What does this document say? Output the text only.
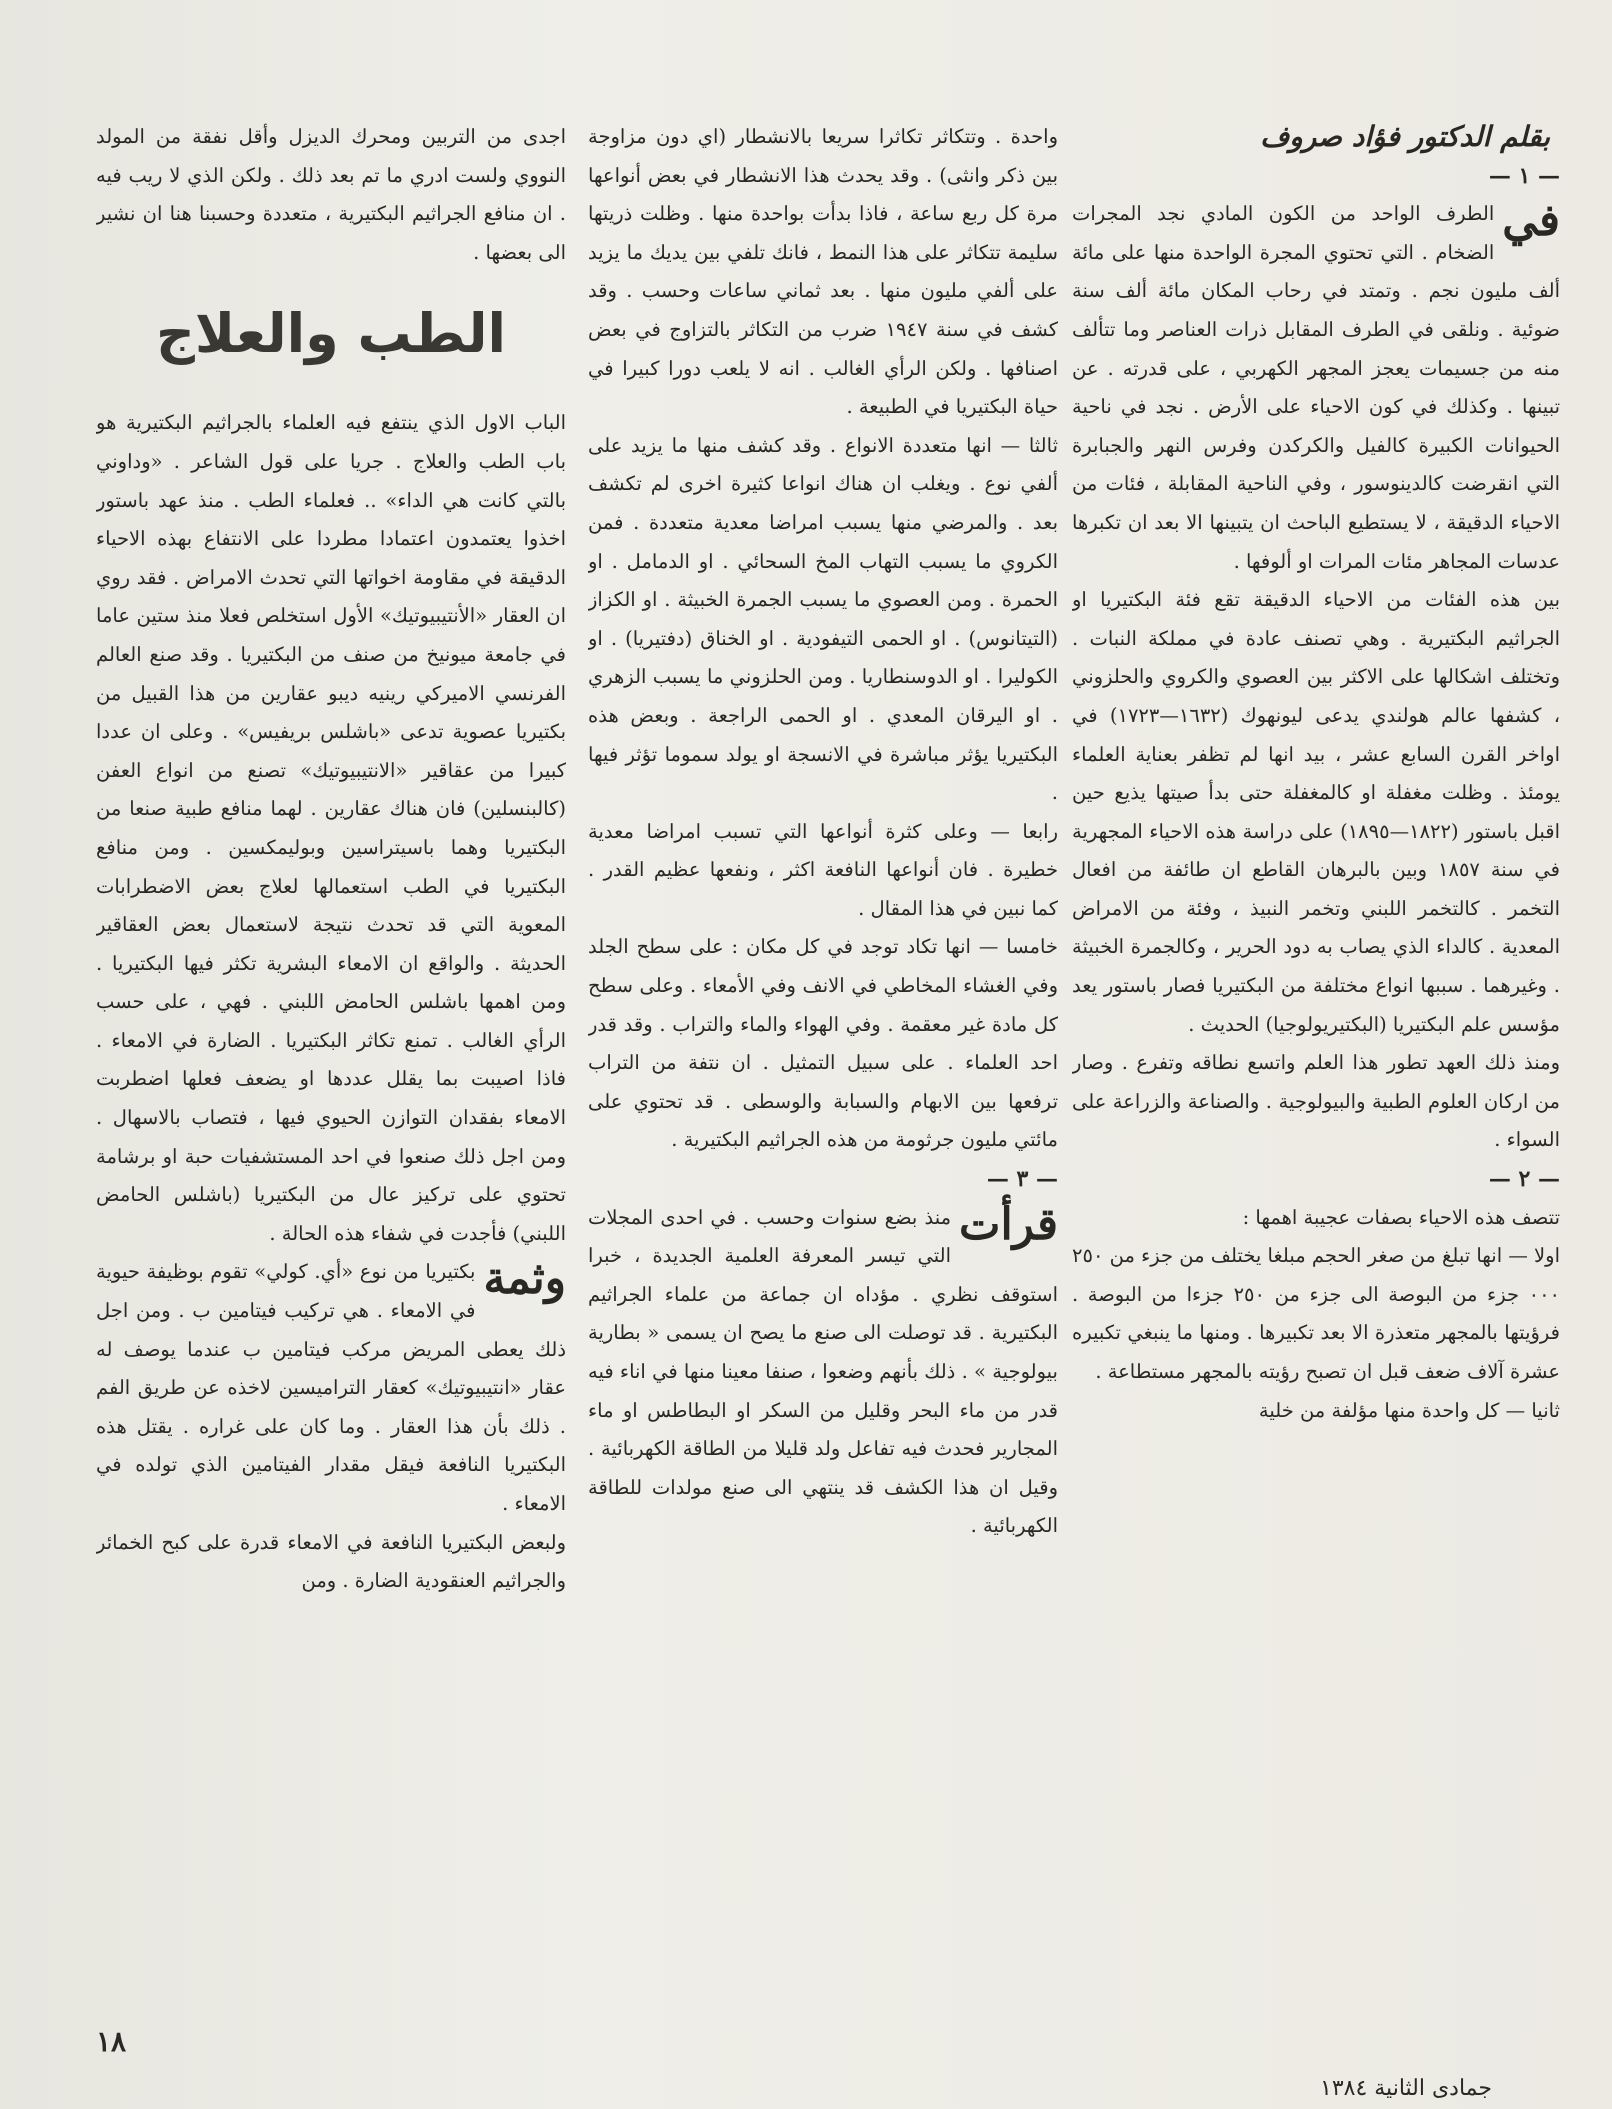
بقلم الدكتور فؤاد صروف

— ١ —

في
الطرف الواحد من الكون المادي نجد المجرات الضخام . التي تحتوي المجرة الواحدة منها على مائة ألف مليون نجم . وتمتد في رحاب المكان مائة ألف سنة ضوئية . ونلقى في الطرف المقابل ذرات العناصر وما تتألف منه من جسيمات يعجز المجهر الكهربي ، على قدرته . عن تبينها . وكذلك في كون الاحياء على الأرض . نجد في ناحية الحيوانات الكبيرة كالفيل والكركدن وفرس النهر والجبابرة التي انقرضت كالدينوسور ، وفي الناحية المقابلة ، فئات من الاحياء الدقيقة ، لا يستطيع الباحث ان يتبينها الا بعد ان تكبرها عدسات المجاهر مئات المرات او ألوفها .

بين هذه الفئات من الاحياء الدقيقة تقع فئة البكتيريا او الجراثيم البكتيرية . وهي تصنف عادة في مملكة النبات . وتختلف اشكالها على الاكثر بين العصوي والكروي والحلزوني ، كشفها عالم هولندي يدعى ليونهوك (١٦٣٢—١٧٢٣) في اواخر القرن السابع عشر ، بيد انها لم تظفر بعناية العلماء يومئذ . وظلت مغفلة او كالمغفلة حتى بدأ صيتها يذيع حين اقبل باستور (١٨٢٢—١٨٩٥) على دراسة هذه الاحياء المجهرية في سنة ١٨٥٧ وبين بالبرهان القاطع ان طائفة من افعال التخمر . كالتخمر اللبني وتخمر النبيذ ، وفئة من الامراض المعدية . كالداء الذي يصاب به دود الحرير ، وكالجمرة الخبيثة . وغيرهما . سببها انواع مختلفة من البكتيريا فصار باستور يعد مؤسس علم البكتيريا (البكتيريولوجيا) الحديث .

ومنذ ذلك العهد تطور هذا العلم واتسع نطاقه وتفرع . وصار من اركان العلوم الطبية والبيولوجية . والصناعة والزراعة على السواء .

— ٢ —

تتصف هذه الاحياء بصفات عجيبة اهمها :

اولا — انها تبلغ من صغر الحجم مبلغا يختلف من جزء من ٢٥٠ ٠٠٠ جزء من البوصة الى جزء من ٢٥٠ جزءا من البوصة . فرؤيتها بالمجهر متعذرة الا بعد تكبيرها . ومنها ما ينبغي تكبيره عشرة آلاف ضعف قبل ان تصبح رؤيته بالمجهر مستطاعة .

ثانيا — كل واحدة منها مؤلفة من خلية

واحدة . وتتكاثر تكاثرا سريعا بالانشطار (اي دون مزاوجة بين ذكر وانثى) . وقد يحدث هذا الانشطار في بعض أنواعها مرة كل ربع ساعة ، فاذا بدأت بواحدة منها . وظلت ذريتها سليمة تتكاثر على هذا النمط ، فانك تلفي بين يديك ما يزيد على ألفي مليون منها . بعد ثماني ساعات وحسب . وقد كشف في سنة ١٩٤٧ ضرب من التكاثر بالتزاوج في بعض اصنافها . ولكن الرأي الغالب . انه لا يلعب دورا كبيرا في حياة البكتيريا في الطبيعة .

ثالثا — انها متعددة الانواع . وقد كشف منها ما يزيد على ألفي نوع . ويغلب ان هناك انواعا كثيرة اخرى لم تكشف بعد . والمرضي منها يسبب امراضا معدية متعددة . فمن الكروي ما يسبب التهاب المخ السحائي . او الدمامل . او الحمرة . ومن العصوي ما يسبب الجمرة الخبيثة . او الكزاز (التيتانوس) . او الحمى التيفودية . او الخناق (دفتيريا) . او الكوليرا . او الدوسنطاريا . ومن الحلزوني ما يسبب الزهري . او اليرقان المعدي . او الحمى الراجعة . وبعض هذه البكتيريا يؤثر مباشرة في الانسجة او يولد سموما تؤثر فيها .

رابعا — وعلى كثرة أنواعها التي تسبب امراضا معدية خطيرة . فان أنواعها النافعة اكثر ، ونفعها عظيم القدر . كما نبين في هذا المقال .

خامسا — انها تكاد توجد في كل مكان : على سطح الجلد وفي الغشاء المخاطي في الانف وفي الأمعاء . وعلى سطح كل مادة غير معقمة . وفي الهواء والماء والتراب . وقد قدر احد العلماء . على سبيل التمثيل . ان نتفة من التراب ترفعها بين الابهام والسبابة والوسطى . قد تحتوي على مائتي مليون جرثومة من هذه الجراثيم البكتيرية .

— ٣ —

قرأت
منذ بضع سنوات وحسب . في احدى المجلات التي تيسر المعرفة العلمية الجديدة ، خبرا استوقف نظري . مؤداه ان جماعة من علماء الجراثيم البكتيرية . قد توصلت الى صنع ما يصح ان يسمى « بطارية بيولوجية » . ذلك بأنهم وضعوا ، صنفا معينا منها في اناء فيه قدر من ماء البحر وقليل من السكر او البطاطس او ماء المجارير فحدث فيه تفاعل ولد قليلا من الطاقة الكهربائية . وقيل ان هذا الكشف قد ينتهي الى صنع مولدات للطاقة الكهربائية .

اجدى من التربين ومحرك الديزل وأقل نفقة من المولد النووي ولست ادري ما تم بعد ذلك . ولكن الذي لا ريب فيه . ان منافع الجراثيم البكتيرية ، متعددة وحسبنا هنا ان نشير الى بعضها .

الطب والعلاج

الباب الاول الذي ينتفع فيه العلماء بالجراثيم البكتيرية هو باب الطب والعلاج . جريا على قول الشاعر . «وداوني بالتي كانت هي الداء» .. فعلماء الطب . منذ عهد باستور اخذوا يعتمدون اعتمادا مطردا على الانتفاع بهذه الاحياء الدقيقة في مقاومة اخواتها التي تحدث الامراض . فقد روي ان العقار «الأنتيبيوتيك» الأول استخلص فعلا منذ ستين عاما في جامعة ميونيخ من صنف من البكتيريا . وقد صنع العالم الفرنسي الاميركي رينيه ديبو عقارين من هذا القبيل من بكتيريا عصوية تدعى «باشلس بريفيس» . وعلى ان عددا كبيرا من عقاقير «الانتيبيوتيك» تصنع من انواع العفن (كالبنسلين) فان هناك عقارين . لهما منافع طبية صنعا من البكتيريا وهما باسيتراسين وبوليمكسين . ومن منافع البكتيريا في الطب استعمالها لعلاج بعض الاضطرابات المعوية التي قد تحدث نتيجة لاستعمال بعض العقاقير الحديثة . والواقع ان الامعاء البشرية تكثر فيها البكتيريا . ومن اهمها باشلس الحامض اللبني . فهي ، على حسب الرأي الغالب . تمنع تكاثر البكتيريا . الضارة في الامعاء . فاذا اصيبت بما يقلل عددها او يضعف فعلها اضطربت الامعاء بفقدان التوازن الحيوي فيها ، فتصاب بالاسهال . ومن اجل ذلك صنعوا في احد المستشفيات حبة او برشامة تحتوي على تركيز عال من البكتيريا (باشلس الحامض اللبني) فأجدت في شفاء هذه الحالة .

وثمة
بكتيريا من نوع «أي. كولي» تقوم بوظيفة حيوية في الامعاء . هي تركيب فيتامين ب . ومن اجل ذلك يعطى المريض مركب فيتامين ب عندما يوصف له عقار «انتيبيوتيك» كعقار التراميسين لاخذه عن طريق الفم . ذلك بأن هذا العقار . وما كان على غراره . يقتل هذه البكتيريا النافعة فيقل مقدار الفيتامين الذي تولده في الامعاء .

ولبعض البكتيريا النافعة في الامعاء قدرة على كبح الخمائر والجراثيم العنقودية الضارة . ومن

١٨
جمادى الثانية ١٣٨٤
